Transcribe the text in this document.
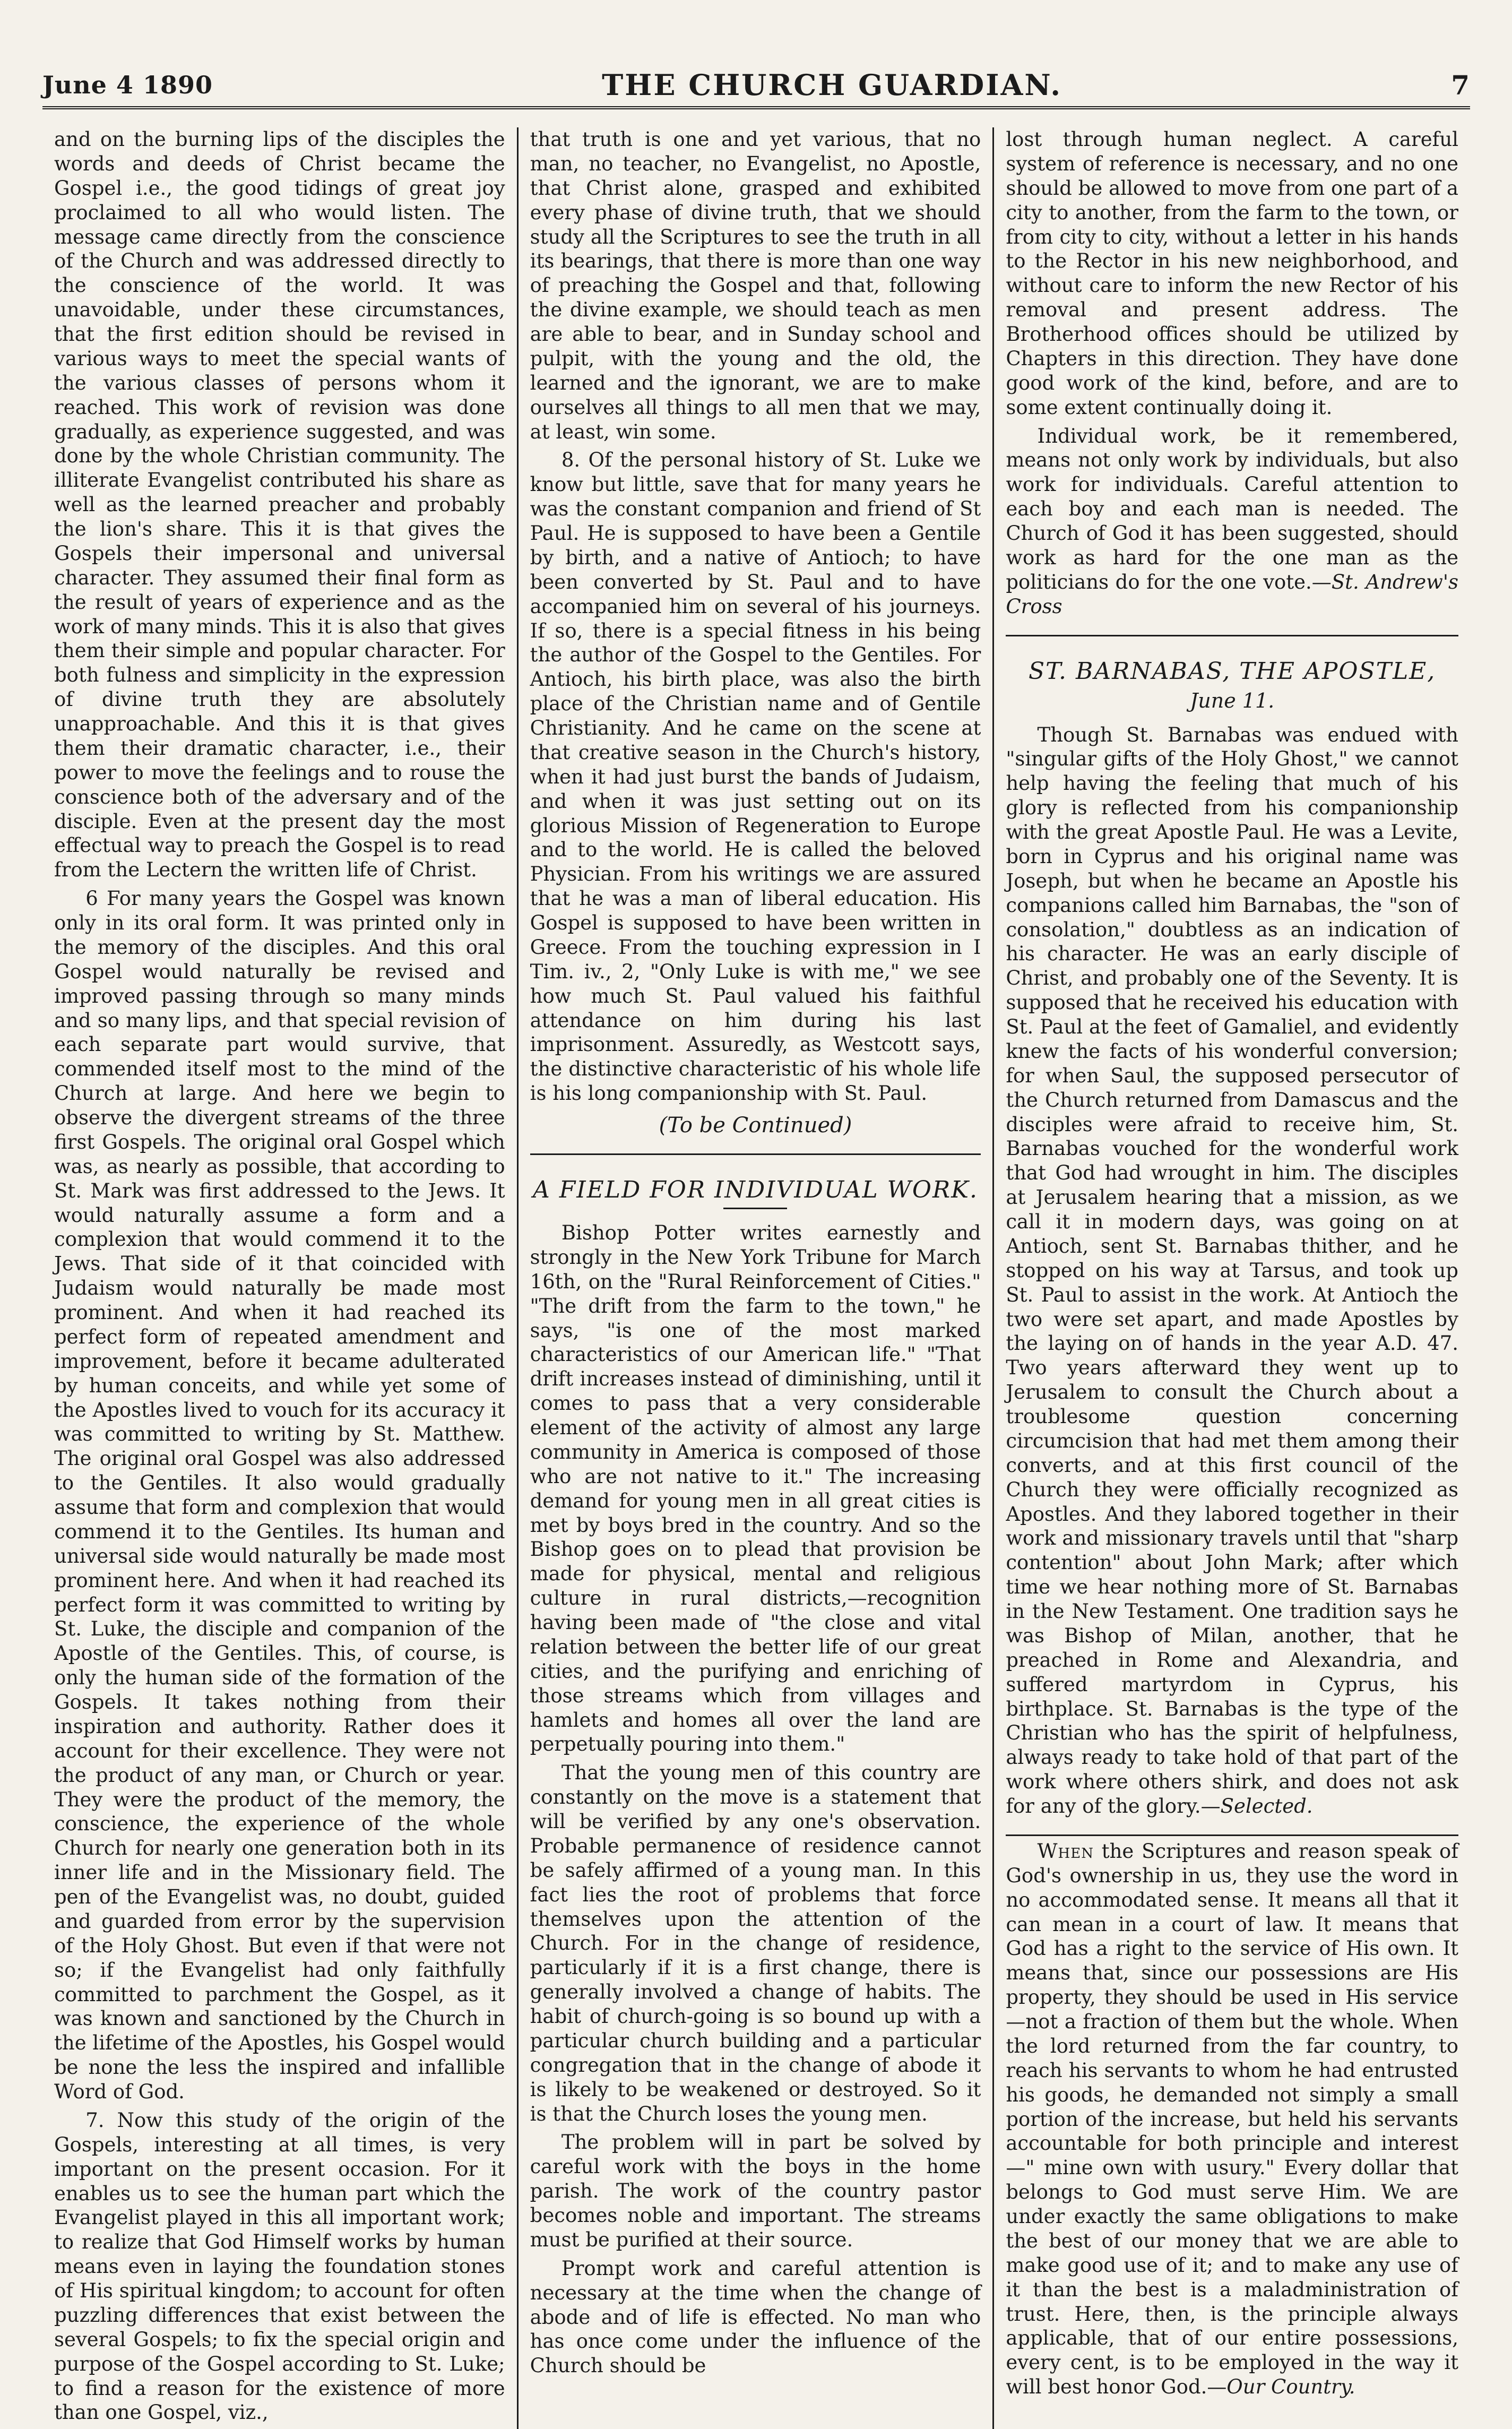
June 4 1890	THE CHURCH GUARDIAN.	7

and on the burning lips of the disciples the words and deeds of Christ became the Gospel i.e., the good tidings of great joy proclaimed to all who would listen. The message came directly from the conscience of the Church and was addressed directly to the conscience of the world. It was unavoidable, under these circumstances, that the first edition should be revised in various ways to meet the special wants of the various classes of persons whom it reached. This work of revision was done gradually, as experience suggested, and was done by the whole Christian community. The illiterate Evangelist contributed his share as well as the learned preacher and probably the lion's share. This it is that gives the Gospels their impersonal and universal character. They assumed their final form as the result of years of experience and as the work of many minds. This it is also that gives them their simple and popular character. For both fulness and simplicity in the expression of divine truth they are absolutely unapproachable. And this it is that gives them their dramatic character, i.e., their power to move the feelings and to rouse the conscience both of the adversary and of the disciple. Even at the present day the most effectual way to preach the Gospel is to read from the Lectern the written life of Christ.

6 For many years the Gospel was known only in its oral form. It was printed only in the memory of the disciples. And this oral Gospel would naturally be revised and improved passing through so many minds and so many lips, and that special revision of each separate part would survive, that commended itself most to the mind of the Church at large. And here we begin to observe the divergent streams of the three first Gospels. The original oral Gospel which was, as nearly as possible, that according to St. Mark was first addressed to the Jews. It would naturally assume a form and a complexion that would commend it to the Jews. That side of it that coincided with Judaism would naturally be made most prominent. And when it had reached its perfect form of repeated amendment and improvement, before it became adulterated by human conceits, and while yet some of the Apostles lived to vouch for its accuracy it was committed to writing by St. Matthew. The original oral Gospel was also addressed to the Gentiles. It also would gradually assume that form and complexion that would commend it to the Gentiles. Its human and universal side would naturally be made most prominent here. And when it had reached its perfect form it was committed to writing by St. Luke, the disciple and companion of the Apostle of the Gentiles. This, of course, is only the human side of the formation of the Gospels. It takes nothing from their inspiration and authority. Rather does it account for their excellence. They were not the product of any man, or Church or year. They were the product of the memory, the conscience, the experience of the whole Church for nearly one generation both in its inner life and in the Missionary field. The pen of the Evangelist was, no doubt, guided and guarded from error by the supervision of the Holy Ghost. But even if that were not so; if the Evangelist had only faithfully committed to parchment the Gospel, as it was known and sanctioned by the Church in the lifetime of the Apostles, his Gospel would be none the less the inspired and infallible Word of God.

7. Now this study of the origin of the Gospels, interesting at all times, is very important on the present occasion. For it enables us to see the human part which the Evangelist played in this all important work; to realize that God Himself works by human means even in laying the foundation stones of His spiritual kingdom; to account for often puzzling differences that exist between the several Gospels; to fix the special origin and purpose of the Gospel according to St. Luke; to find a reason for the existence of more than one Gospel, viz.,

that truth is one and yet various, that no man, no teacher, no Evangelist, no Apostle, that Christ alone, grasped and exhibited every phase of divine truth, that we should study all the Scriptures to see the truth in all its bearings, that there is more than one way of preaching the Gospel and that, following the divine example, we should teach as men are able to bear, and in Sunday school and pulpit, with the young and the old, the learned and the ignorant, we are to make ourselves all things to all men that we may, at least, win some.

8. Of the personal history of St. Luke we know but little, save that for many years he was the constant companion and friend of St Paul. He is supposed to have been a Gentile by birth, and a native of Antioch; to have been converted by St. Paul and to have accompanied him on several of his journeys. If so, there is a special fitness in his being the author of the Gospel to the Gentiles. For Antioch, his birth place, was also the birth place of the Christian name and of Gentile Christianity. And he came on the scene at that creative season in the Church's history, when it had just burst the bands of Judaism, and when it was just setting out on its glorious Mission of Regeneration to Europe and to the world. He is called the beloved Physician. From his writings we are assured that he was a man of liberal education. His Gospel is supposed to have been written in Greece. From the touching expression in I Tim. iv., 2, "Only Luke is with me," we see how much St. Paul valued his faithful attendance on him during his last imprisonment. Assuredly, as Westcott says, the distinctive characteristic of his whole life is his long companionship with St. Paul.

(To be Continued)
A FIELD FOR INDIVIDUAL WORK.

Bishop Potter writes earnestly and strongly in the New York Tribune for March 16th, on the "Rural Reinforcement of Cities." "The drift from the farm to the town," he says, "is one of the most marked characteristics of our American life." "That drift increases instead of diminishing, until it comes to pass that a very considerable element of the activity of almost any large community in America is composed of those who are not native to it." The increasing demand for young men in all great cities is met by boys bred in the country. And so the Bishop goes on to plead that provision be made for physical, mental and religious culture in rural districts,—recognition having been made of "the close and vital relation between the better life of our great cities, and the purifying and enriching of those streams which from villages and hamlets and homes all over the land are perpetually pouring into them."

That the young men of this country are constantly on the move is a statement that will be verified by any one's observation. Probable permanence of residence cannot be safely affirmed of a young man. In this fact lies the root of problems that force themselves upon the attention of the Church. For in the change of residence, particularly if it is a first change, there is generally involved a change of habits. The habit of church-going is so bound up with a particular church building and a particular congregation that in the change of abode it is likely to be weakened or destroyed. So it is that the Church loses the young men.

The problem will in part be solved by careful work with the boys in the home parish. The work of the country pastor becomes noble and important. The streams must be purified at their source.

Prompt work and careful attention is necessary at the time when the change of abode and of life is effected. No man who has once come under the influence of the Church should be

lost through human neglect. A careful system of reference is necessary, and no one should be allowed to move from one part of a city to another, from the farm to the town, or from city to city, without a letter in his hands to the Rector in his new neighborhood, and without care to inform the new Rector of his removal and present address. The Brotherhood offices should be utilized by Chapters in this direction. They have done good work of the kind, before, and are to some extent continually doing it.

Individual work, be it remembered, means not only work by individuals, but also work for individuals. Careful attention to each boy and each man is needed. The Church of God it has been suggested, should work as hard for the one man as the politicians do for the one vote.—St. Andrew's Cross

ST. BARNABAS, THE APOSTLE,
June 11.

Though St. Barnabas was endued with "singular gifts of the Holy Ghost," we cannot help having the feeling that much of his glory is reflected from his companionship with the great Apostle Paul. He was a Levite, born in Cyprus and his original name was Joseph, but when he became an Apostle his companions called him Barnabas, the "son of consolation," doubtless as an indication of his character. He was an early disciple of Christ, and probably one of the Seventy. It is supposed that he received his education with St. Paul at the feet of Gamaliel, and evidently knew the facts of his wonderful conversion; for when Saul, the supposed persecutor of the Church returned from Damascus and the disciples were afraid to receive him, St. Barnabas vouched for the wonderful work that God had wrought in him. The disciples at Jerusalem hearing that a mission, as we call it in modern days, was going on at Antioch, sent St. Barnabas thither, and he stopped on his way at Tarsus, and took up St. Paul to assist in the work. At Antioch the two were set apart, and made Apostles by the laying on of hands in the year A.D. 47. Two years afterward they went up to Jerusalem to consult the Church about a troublesome question concerning circumcision that had met them among their converts, and at this first council of the Church they were officially recognized as Apostles. And they labored together in their work and missionary travels until that "sharp contention" about John Mark; after which time we hear nothing more of St. Barnabas in the New Testament. One tradition says he was Bishop of Milan, another, that he preached in Rome and Alexandria, and suffered martyrdom in Cyprus, his birthplace. St. Barnabas is the type of the Christian who has the spirit of helpfulness, always ready to take hold of that part of the work where others shirk, and does not ask for any of the glory.—Selected.

When the Scriptures and reason speak of God's ownership in us, they use the word in no accommodated sense. It means all that it can mean in a court of law. It means that God has a right to the service of His own. It means that, since our possessions are His property, they should be used in His service—not a fraction of them but the whole. When the lord returned from the far country, to reach his servants to whom he had entrusted his goods, he demanded not simply a small portion of the increase, but held his servants accountable for both principle and interest—" mine own with usury." Every dollar that belongs to God must serve Him. We are under exactly the same obligations to make the best of our money that we are able to make good use of it; and to make any use of it than the best is a maladministration of trust. Here, then, is the principle always applicable, that of our entire possessions, every cent, is to be employed in the way it will best honor God.—Our Country.
